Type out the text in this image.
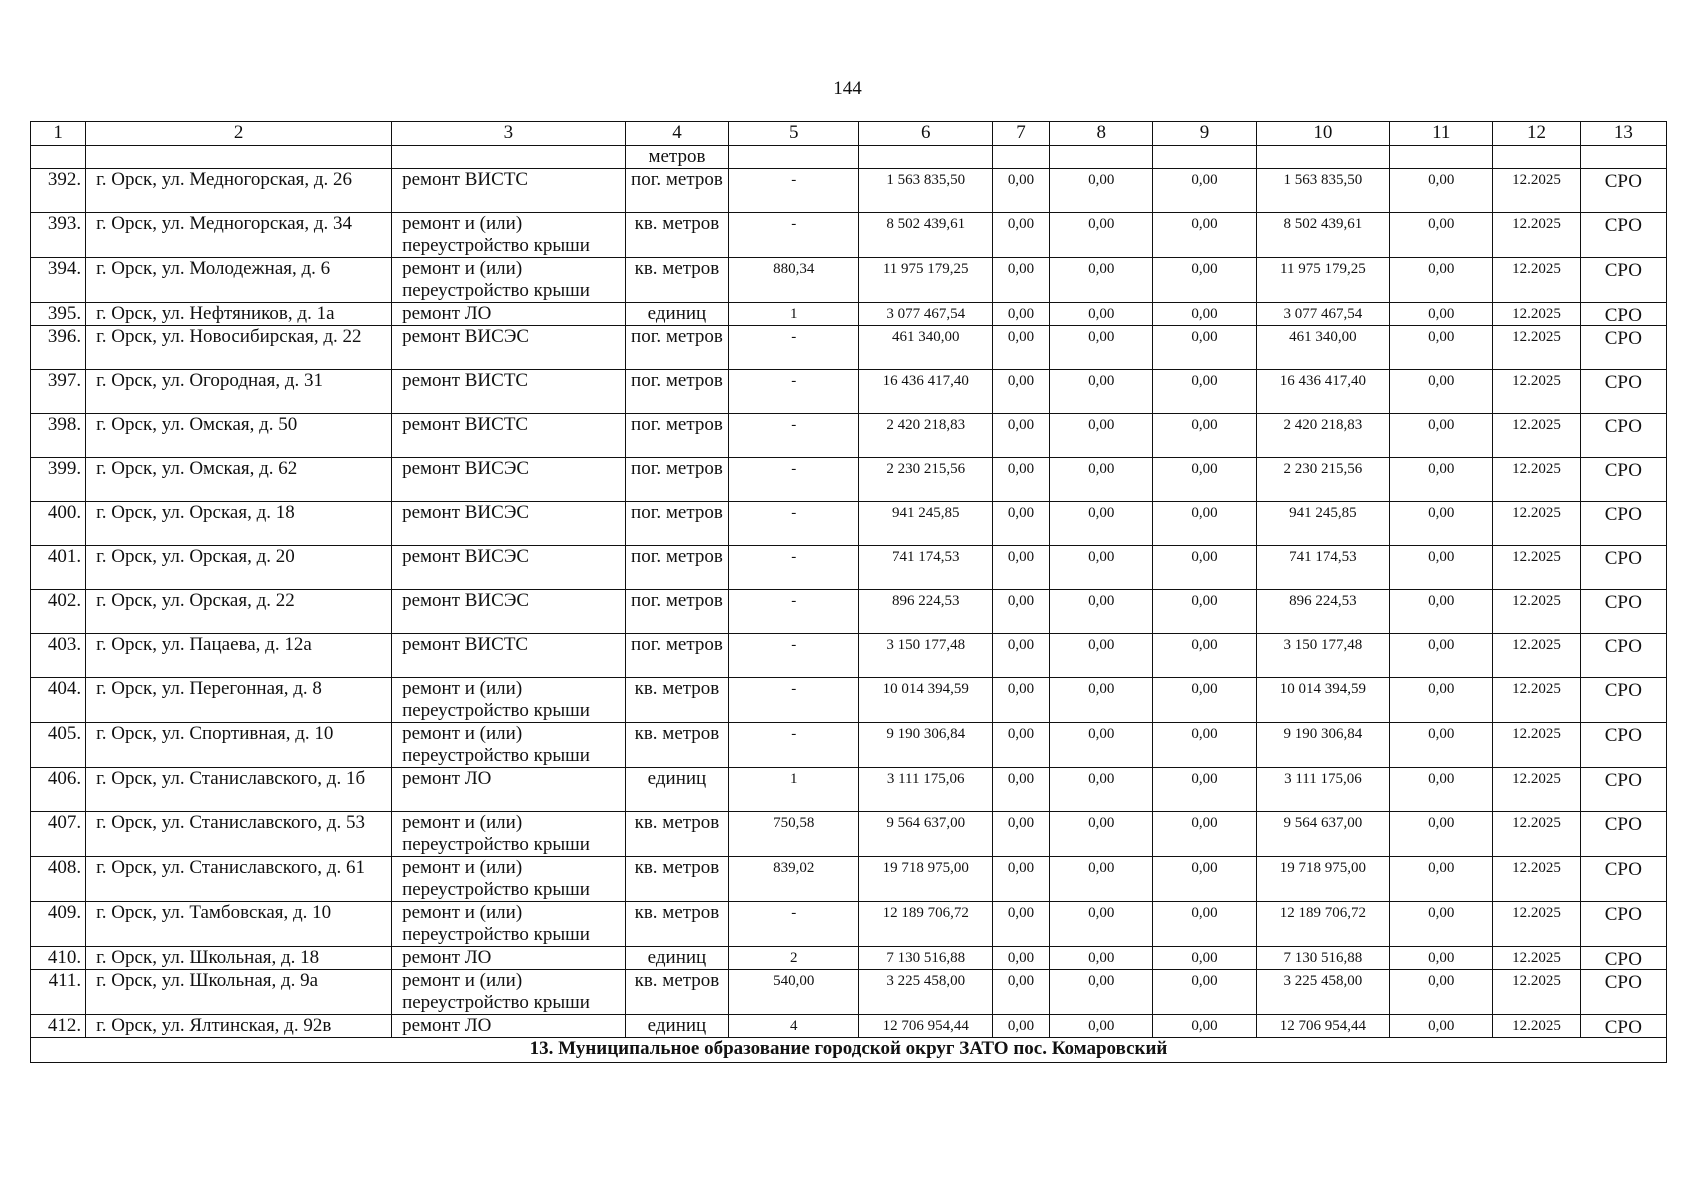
144
1	2	3	4	5	6	7	8	9	10	11	12	13
			метров									
392.	г. Орск, ул. Медногорская, д. 26	ремонт ВИСТС	пог. метров	-	1 563 835,50	0,00	0,00	0,00	1 563 835,50	0,00	12.2025	СРО
393.	г. Орск, ул. Медногорская, д. 34	ремонт и (или) переустройство крыши	кв. метров	-	8 502 439,61	0,00	0,00	0,00	8 502 439,61	0,00	12.2025	СРО
394.	г. Орск, ул. Молодежная, д. 6	ремонт и (или) переустройство крыши	кв. метров	880,34	11 975 179,25	0,00	0,00	0,00	11 975 179,25	0,00	12.2025	СРО
395.	г. Орск, ул. Нефтяников, д. 1а	ремонт ЛО	единиц	1	3 077 467,54	0,00	0,00	0,00	3 077 467,54	0,00	12.2025	СРО
396.	г. Орск, ул. Новосибирская, д. 22	ремонт ВИСЭС	пог. метров	-	461 340,00	0,00	0,00	0,00	461 340,00	0,00	12.2025	СРО
397.	г. Орск, ул. Огородная, д. 31	ремонт ВИСТС	пог. метров	-	16 436 417,40	0,00	0,00	0,00	16 436 417,40	0,00	12.2025	СРО
398.	г. Орск, ул. Омская, д. 50	ремонт ВИСТС	пог. метров	-	2 420 218,83	0,00	0,00	0,00	2 420 218,83	0,00	12.2025	СРО
399.	г. Орск, ул. Омская, д. 62	ремонт ВИСЭС	пог. метров	-	2 230 215,56	0,00	0,00	0,00	2 230 215,56	0,00	12.2025	СРО
400.	г. Орск, ул. Орская, д. 18	ремонт ВИСЭС	пог. метров	-	941 245,85	0,00	0,00	0,00	941 245,85	0,00	12.2025	СРО
401.	г. Орск, ул. Орская, д. 20	ремонт ВИСЭС	пог. метров	-	741 174,53	0,00	0,00	0,00	741 174,53	0,00	12.2025	СРО
402.	г. Орск, ул. Орская, д. 22	ремонт ВИСЭС	пог. метров	-	896 224,53	0,00	0,00	0,00	896 224,53	0,00	12.2025	СРО
403.	г. Орск, ул. Пацаева, д. 12а	ремонт ВИСТС	пог. метров	-	3 150 177,48	0,00	0,00	0,00	3 150 177,48	0,00	12.2025	СРО
404.	г. Орск, ул. Перегонная, д. 8	ремонт и (или) переустройство крыши	кв. метров	-	10 014 394,59	0,00	0,00	0,00	10 014 394,59	0,00	12.2025	СРО
405.	г. Орск, ул. Спортивная, д. 10	ремонт и (или) переустройство крыши	кв. метров	-	9 190 306,84	0,00	0,00	0,00	9 190 306,84	0,00	12.2025	СРО
406.	г. Орск, ул. Станиславского, д. 1б	ремонт ЛО	единиц	1	3 111 175,06	0,00	0,00	0,00	3 111 175,06	0,00	12.2025	СРО
407.	г. Орск, ул. Станиславского, д. 53	ремонт и (или) переустройство крыши	кв. метров	750,58	9 564 637,00	0,00	0,00	0,00	9 564 637,00	0,00	12.2025	СРО
408.	г. Орск, ул. Станиславского, д. 61	ремонт и (или) переустройство крыши	кв. метров	839,02	19 718 975,00	0,00	0,00	0,00	19 718 975,00	0,00	12.2025	СРО
409.	г. Орск, ул. Тамбовская, д. 10	ремонт и (или) переустройство крыши	кв. метров	-	12 189 706,72	0,00	0,00	0,00	12 189 706,72	0,00	12.2025	СРО
410.	г. Орск, ул. Школьная, д. 18	ремонт ЛО	единиц	2	7 130 516,88	0,00	0,00	0,00	7 130 516,88	0,00	12.2025	СРО
411.	г. Орск, ул. Школьная, д. 9а	ремонт и (или) переустройство крыши	кв. метров	540,00	3 225 458,00	0,00	0,00	0,00	3 225 458,00	0,00	12.2025	СРО
412.	г. Орск, ул. Ялтинская, д. 92в	ремонт ЛО	единиц	4	12 706 954,44	0,00	0,00	0,00	12 706 954,44	0,00	12.2025	СРО
13. Муниципальное образование городской округ ЗАТО пос. Комаровский												
